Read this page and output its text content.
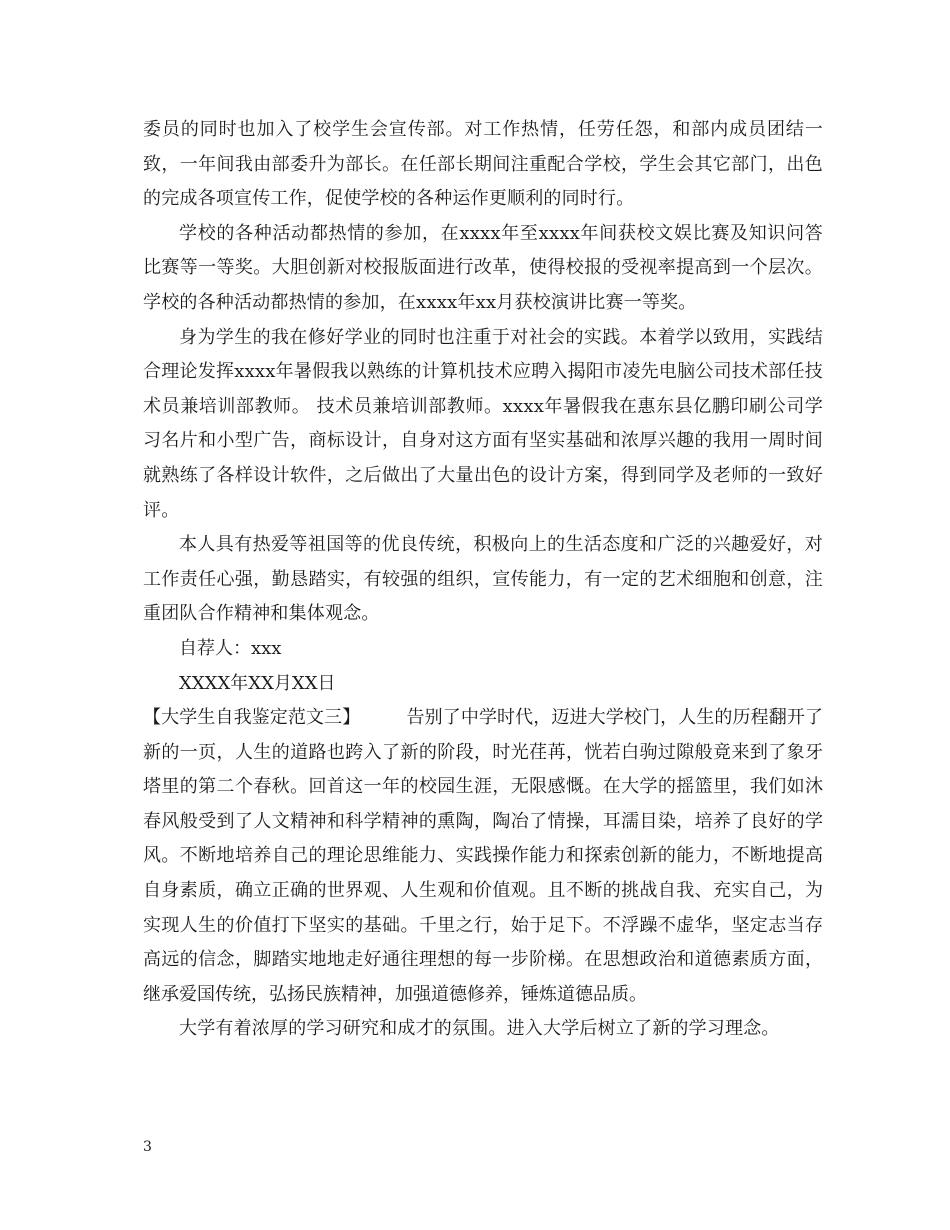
委员的同时也加入了校学生会宣传部。对工作热情，任劳任怨，和部内成员团结一致，一年间我由部委升为部长。在任部长期间注重配合学校，学生会其它部门，出色的完成各项宣传工作，促使学校的各种运作更顺利的同时行。

学校的各种活动都热情的参加，在xxxx年至xxxx年间获校文娱比赛及知识问答比赛等一等奖。大胆创新对校报版面进行改革，使得校报的受视率提高到一个层次。学校的各种活动都热情的参加，在xxxx年xx月获校演讲比赛一等奖。

身为学生的我在修好学业的同时也注重于对社会的实践。本着学以致用，实践结合理论发挥xxxx年暑假我以熟练的计算机技术应聘入揭阳市凌先电脑公司技术部任技术员兼培训部教师。 技术员兼培训部教师。xxxx年暑假我在惠东县亿鹏印刷公司学习名片和小型广告，商标设计，自身对这方面有坚实基础和浓厚兴趣的我用一周时间就熟练了各样设计软件，之后做出了大量出色的设计方案，得到同学及老师的一致好评。

本人具有热爱等祖国等的优良传统，积极向上的生活态度和广泛的兴趣爱好，对工作责任心强，勤恳踏实，有较强的组织，宣传能力，有一定的艺术细胞和创意，注重团队合作精神和集体观念。

自荐人：xxx

XXXX年XX月XX日

【大学生自我鉴定范文三】	告别了中学时代，迈进大学校门，人生的历程翻开了新的一页，人生的道路也跨入了新的阶段，时光荏苒，恍若白驹过隙般竟来到了象牙塔里的第二个春秋。回首这一年的校园生涯，无限感慨。在大学的摇篮里，我们如沐春风般受到了人文精神和科学精神的熏陶，陶冶了情操，耳濡目染，培养了良好的学风。不断地培养自己的理论思维能力、实践操作能力和探索创新的能力，不断地提高自身素质，确立正确的世界观、人生观和价值观。且不断的挑战自我、充实自己，为实现人生的价值打下坚实的基础。千里之行，始于足下。不浮躁不虚华，坚定志当存高远的信念，脚踏实地地走好通往理想的每一步阶梯。在思想政治和道德素质方面，继承爱国传统，弘扬民族精神，加强道德修养，锤炼道德品质。

大学有着浓厚的学习研究和成才的氛围。进入大学后树立了新的学习理念。

3
